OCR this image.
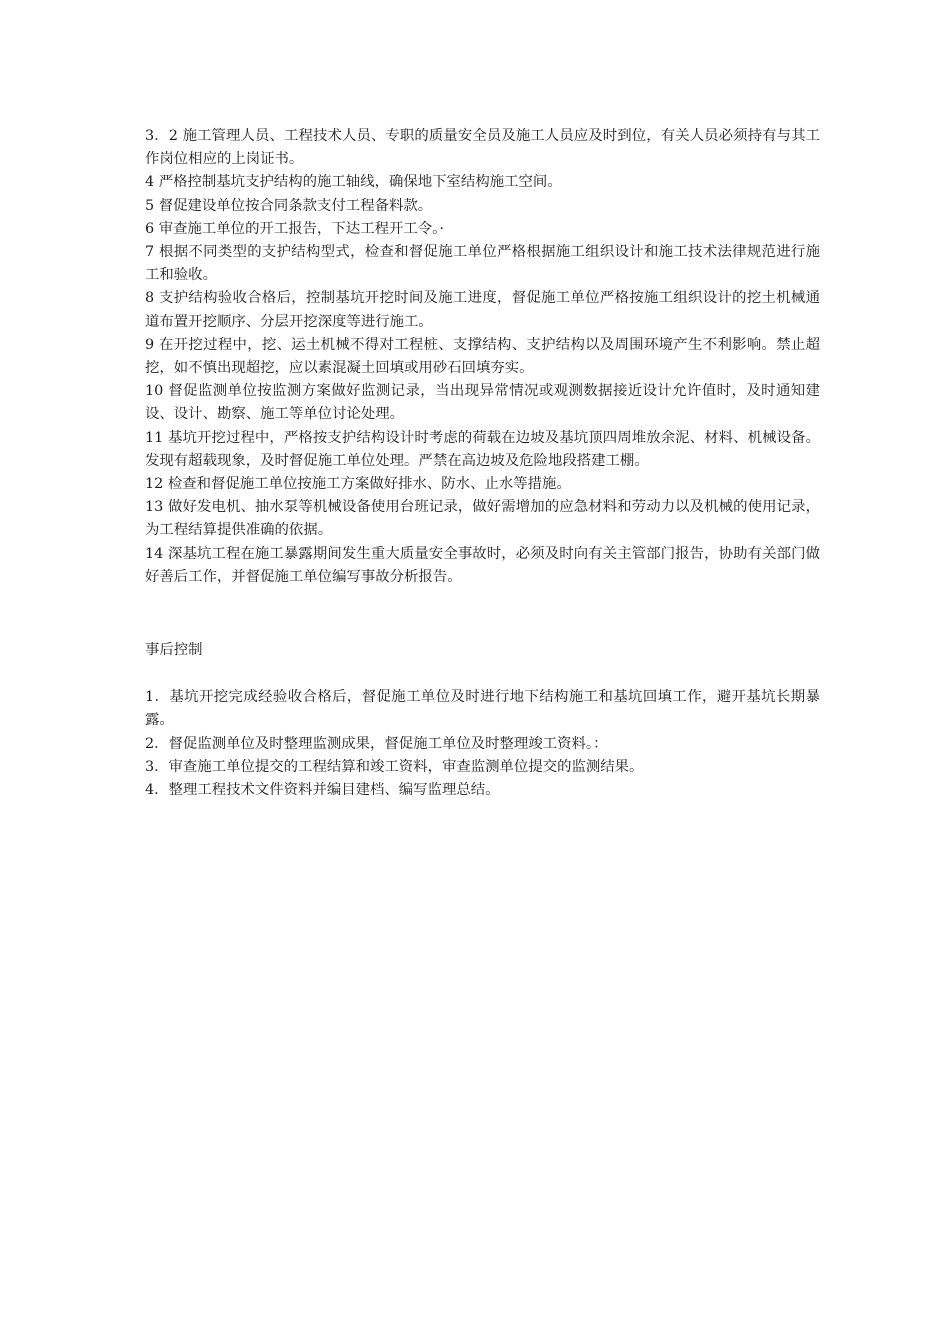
3．2 施工管理人员、工程技术人员、专职的质量安全员及施工人员应及时到位，有关人员必须持有与其工作岗位相应的上岗证书。

4 严格控制基坑支护结构的施工轴线，确保地下室结构施工空间。

5 督促建设单位按合同条款支付工程备料款。

6 审查施工单位的开工报告，下达工程开工令。·

7 根据不同类型的支护结构型式，检查和督促施工单位严格根据施工组织设计和施工技术法律规范进行施工和验收。

8 支护结构验收合格后，控制基坑开挖时间及施工进度，督促施工单位严格按施工组织设计的挖土机械通道布置开挖顺序、分层开挖深度等进行施工。

9 在开挖过程中，挖、运土机械不得对工程桩、支撑结构、支护结构以及周围环境产生不利影响。禁止超挖，如不慎出现超挖，应以素混凝土回填或用砂石回填夯实。

10 督促监测单位按监测方案做好监测记录，当出现异常情况或观测数据接近设计允许值时，及时通知建设、设计、勘察、施工等单位讨论处理。

11 基坑开挖过程中，严格按支护结构设计时考虑的荷载在边坡及基坑顶四周堆放余泥、材料、机械设备。发现有超载现象，及时督促施工单位处理。严禁在高边坡及危险地段搭建工棚。

12 检查和督促施工单位按施工方案做好排水、防水、止水等措施。

13 做好发电机、抽水泵等机械设备使用台班记录，做好需增加的应急材料和劳动力以及机械的使用记录，为工程结算提供准确的依据。

14 深基坑工程在施工暴露期间发生重大质量安全事故时，必须及时向有关主管部门报告，协助有关部门做好善后工作，并督促施工单位编写事故分析报告。

事后控制

1．基坑开挖完成经验收合格后，督促施工单位及时进行地下结构施工和基坑回填工作，避开基坑长期暴露。

2．督促监测单位及时整理监测成果，督促施工单位及时整理竣工资料。：

3．审查施工单位提交的工程结算和竣工资料，审查监测单位提交的监测结果。

4．整理工程技术文件资料并编目建档、编写监理总结。
